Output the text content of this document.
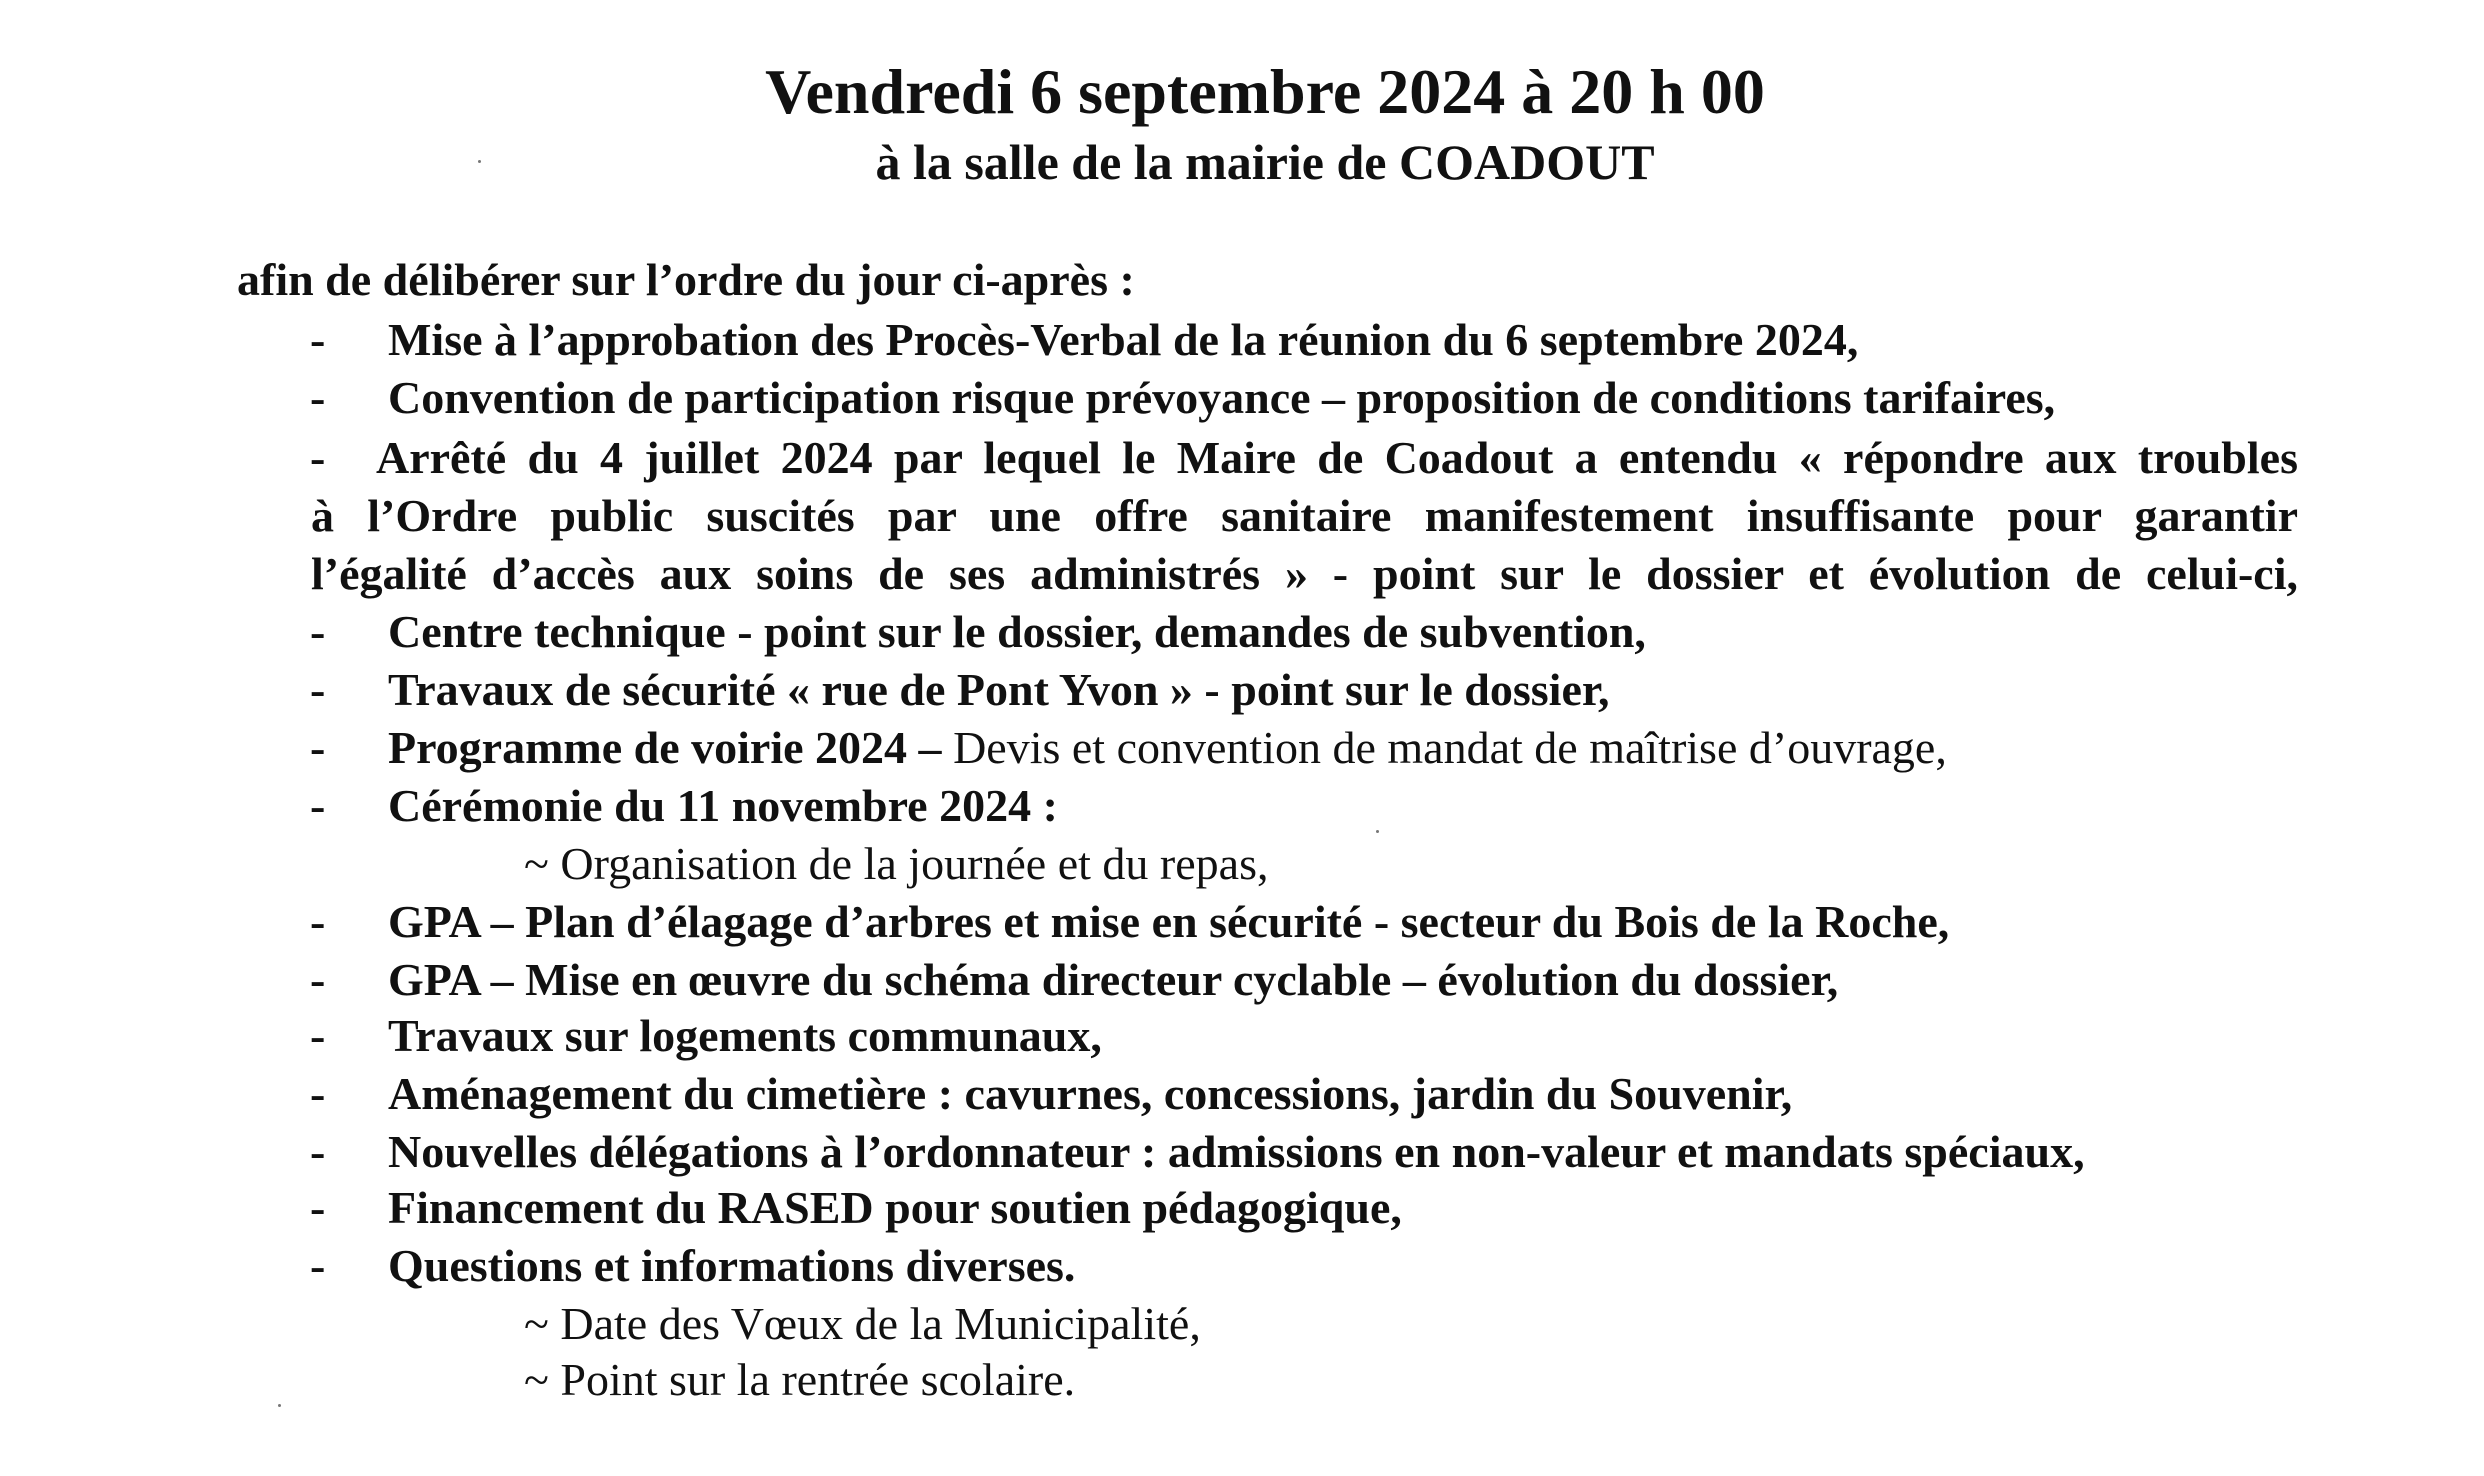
Vendredi 6 septembre 2024 à 20 h 00
à la salle de la mairie de COADOUT
afin de délibérer sur l’ordre du jour ci-après :
- Mise à l’approbation des Procès-Verbal de la réunion du 6 septembre 2024,
- Convention de participation risque prévoyance – proposition de conditions tarifaires,
- Arrêté du 4 juillet 2024 par lequel le Maire de Coadout a entendu « répondre aux troubles
à l’Ordre public suscités par une offre sanitaire manifestement insuffisante pour garantir
l’égalité d’accès aux soins de ses administrés » - point sur le dossier et évolution de celui-ci,
- Centre technique - point sur le dossier, demandes de subvention,
- Travaux de sécurité « rue de Pont Yvon » - point sur le dossier,
- Programme de voirie 2024 – Devis et convention de mandat de maîtrise d’ouvrage,
- Cérémonie du 11 novembre 2024 :
~ Organisation de la journée et du repas,
- GPA – Plan d’élagage d’arbres et mise en sécurité - secteur du Bois de la Roche,
- GPA – Mise en œuvre du schéma directeur cyclable – évolution du dossier,
- Travaux sur logements communaux,
- Aménagement du cimetière : cavurnes, concessions, jardin du Souvenir,
- Nouvelles délégations à l’ordonnateur : admissions en non-valeur et mandats spéciaux,
- Financement du RASED pour soutien pédagogique,
- Questions et informations diverses.
~ Date des Vœux de la Municipalité,
~ Point sur la rentrée scolaire.
